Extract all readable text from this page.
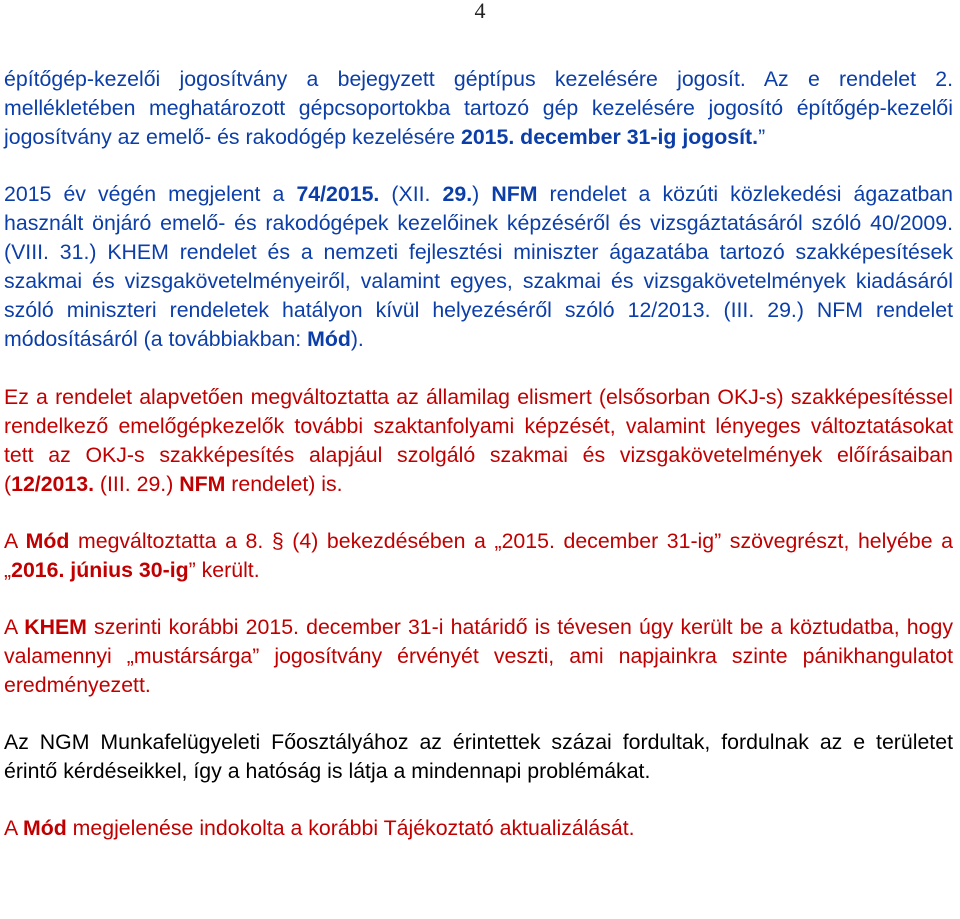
4

építőgép-kezelői jogosítvány a bejegyzett géptípus kezelésére jogosít. Az e rendelet 2. mellékletében meghatározott gépcsoportokba tartozó gép kezelésére jogosító építőgép-kezelői jogosítvány az emelő- és rakodógép kezelésére 2015. december 31-ig jogosít.”

2015 év végén megjelent a 74/2015. (XII. 29.) NFM rendelet a közúti közlekedési ágazatban használt önjáró emelő- és rakodógépek kezelőinek képzéséről és vizsgáztatásáról szóló 40/2009. (VIII. 31.) KHEM rendelet és a nemzeti fejlesztési miniszter ágazatába tartozó szakképesítések szakmai és vizsgakövetelményeiről, valamint egyes, szakmai és vizsgakövetelmények kiadásáról szóló miniszteri rendeletek hatályon kívül helyezéséről szóló 12/2013. (III. 29.) NFM rendelet módosításáról (a továbbiakban: Mód).

Ez a rendelet alapvetően megváltoztatta az államilag elismert (elsősorban OKJ-s) szakképesítéssel rendelkező emelőgépkezelők további szaktanfolyami képzését, valamint lényeges változtatásokat tett az OKJ-s szakképesítés alapjául szolgáló szakmai és vizsgakövetelmények előírásaiban (12/2013. (III. 29.) NFM rendelet) is.

A Mód megváltoztatta a 8. § (4) bekezdésében a „2015. december 31-ig” szövegrészt, helyébe a „2016. június 30-ig” került.

A KHEM szerinti korábbi 2015. december 31-i határidő is tévesen úgy került be a köztudatba, hogy valamennyi „mustársárga” jogosítvány érvényét veszti, ami napjainkra szinte pánikhangulatot eredményezett.

Az NGM Munkafelügyeleti Főosztályához az érintettek százai fordultak, fordulnak az e területet érintő kérdéseikkel, így a hatóság is látja a mindennapi problémákat.

A Mód megjelenése indokolta a korábbi Tájékoztató aktualizálását.
